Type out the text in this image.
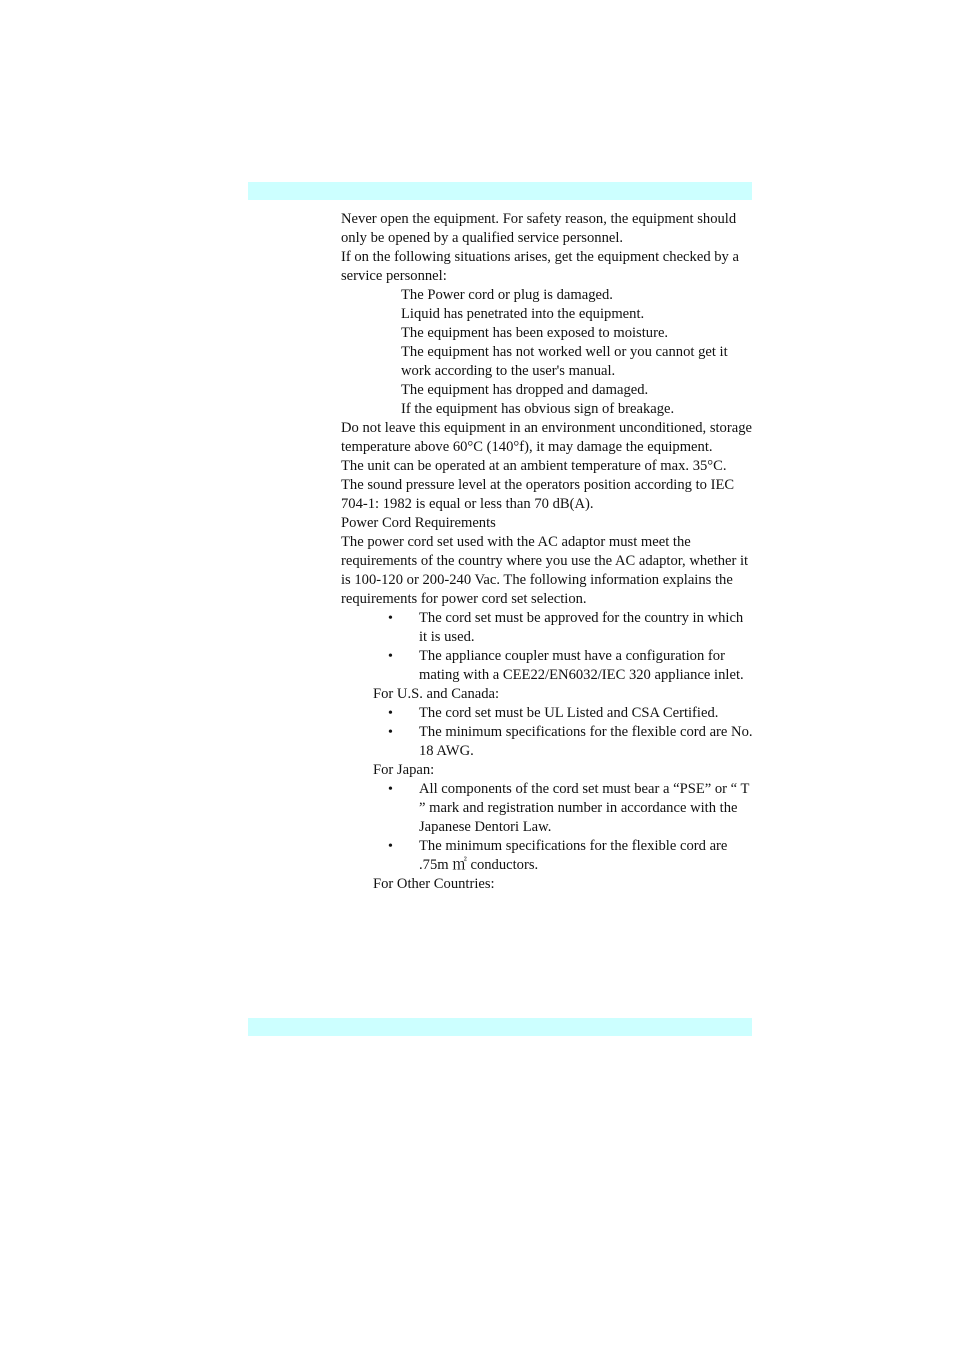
Never open the equipment. For safety reason, the equipment should only be opened by a qualified service personnel.

If on the following situations arises, get the equipment checked by a service personnel:

The Power cord or plug is damaged.
Liquid has penetrated into the equipment.
The equipment has been exposed to moisture.
The equipment has not worked well or you cannot get it work according to the user's manual.
The equipment has dropped and damaged.
If the equipment has obvious sign of breakage.

Do not leave this equipment in an environment unconditioned, storage temperature above 60°C (140°f), it may damage the equipment.

The unit can be operated at an ambient temperature of max. 35°C.

The sound pressure level at the operators position according to IEC 704-1: 1982 is equal or less than 70 dB(A).

Power Cord Requirements

The power cord set used with the AC adaptor must meet the requirements of the country where you use the AC adaptor, whether it is 100-120 or 200-240 Vac. The following information explains the requirements for power cord set selection.

• The cord set must be approved for the country in which it is used.
• The appliance coupler must have a configuration for mating with a CEE22/EN6032/IEC 320 appliance inlet.

For U.S. and Canada:

• The cord set must be UL Listed and CSA Certified.
• The minimum specifications for the flexible cord are No. 18 AWG.

For Japan:

• All components of the cord set must bear a “PSE” or “ T ” mark and registration number in accordance with the Japanese Dentori Law.
• The minimum specifications for the flexible cord are .75m ㎡ conductors.

For Other Countries:
